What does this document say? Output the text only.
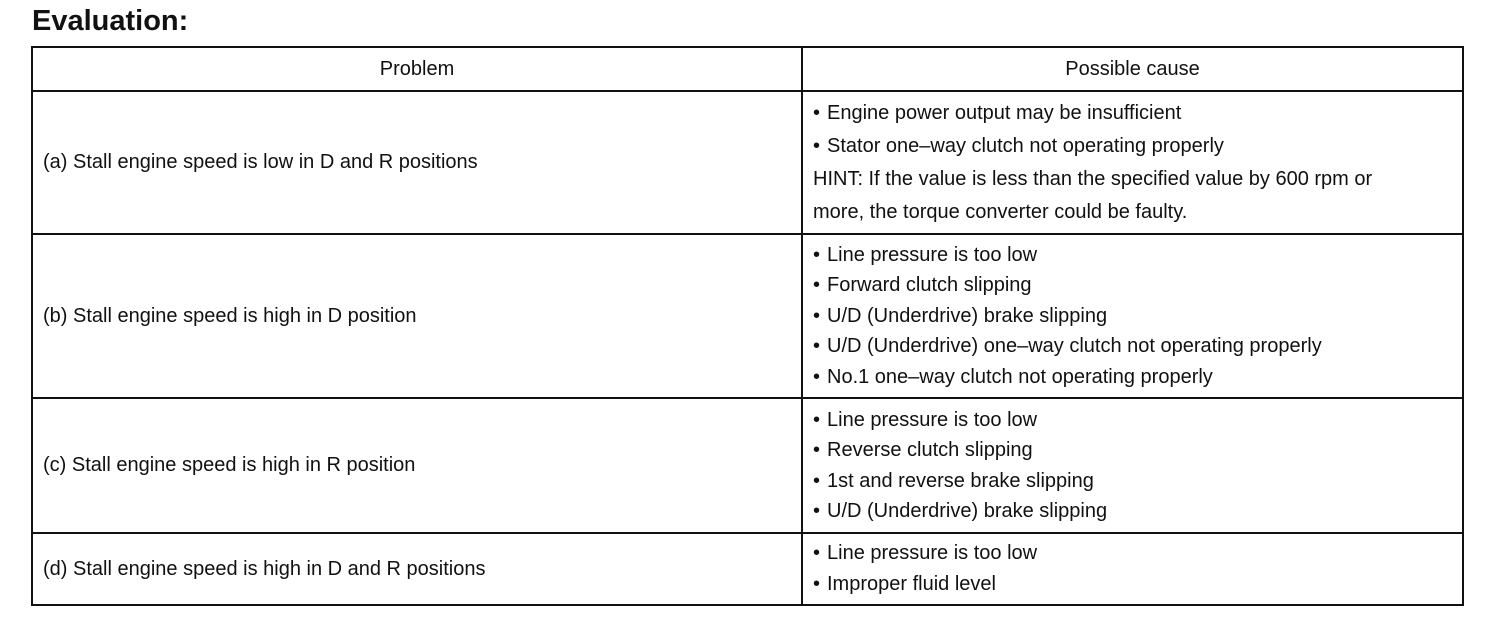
Evaluation:
Problem	Possible cause
(a) Stall engine speed is low in D and R positions	• Engine power output may be insufficient
• Stator one–way clutch not operating properly
HINT: If the value is less than the specified value by 600 rpm or
more, the torque converter could be faulty.

(b) Stall engine speed is high in D position	• Line pressure is too low
• Forward clutch slipping
• U/D (Underdrive) brake slipping
• U/D (Underdrive) one–way clutch not operating properly
• No.1 one–way clutch not operating properly

(c) Stall engine speed is high in R position	• Line pressure is too low
• Reverse clutch slipping
• 1st and reverse brake slipping
• U/D (Underdrive) brake slipping

(d) Stall engine speed is high in D and R positions	• Line pressure is too low
• Improper fluid level
